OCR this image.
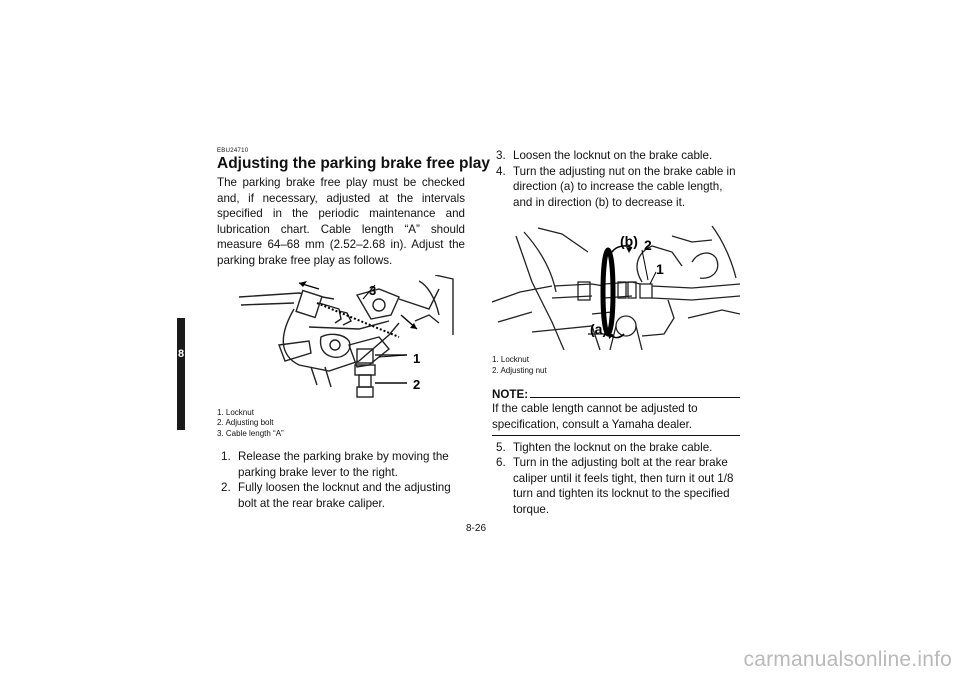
8
EBU24710
Adjusting the parking brake free play

The parking brake free play must be checked and, if necessary, adjusted at the intervals specified in the periodic maintenance and lubrication chart. Cable length “A” should measure 64–68 mm (2.52–2.68 in). Adjust the parking brake free play as follows.

3
1
2
1. Locknut
2. Adjusting bolt
3. Cable length “A”
1. Release the parking brake by moving the parking brake lever to the right.
2. Fully loosen the locknut and the adjusting bolt at the rear brake caliper.
3. Loosen the locknut on the brake cable.
4. Turn the adjusting nut on the brake cable in direction (a) to increase the cable length, and in direction (b) to decrease it.
(b) 2
1
(a)
1. Locknut
2. Adjusting nut
NOTE:

If the cable length cannot be adjusted to specification, consult a Yamaha dealer.

5. Tighten the locknut on the brake cable.
6. Turn in the adjusting bolt at the rear brake caliper until it feels tight, then turn it out 1/8 turn and tighten its locknut to the specified torque.
8-26
carmanualsonline.info
